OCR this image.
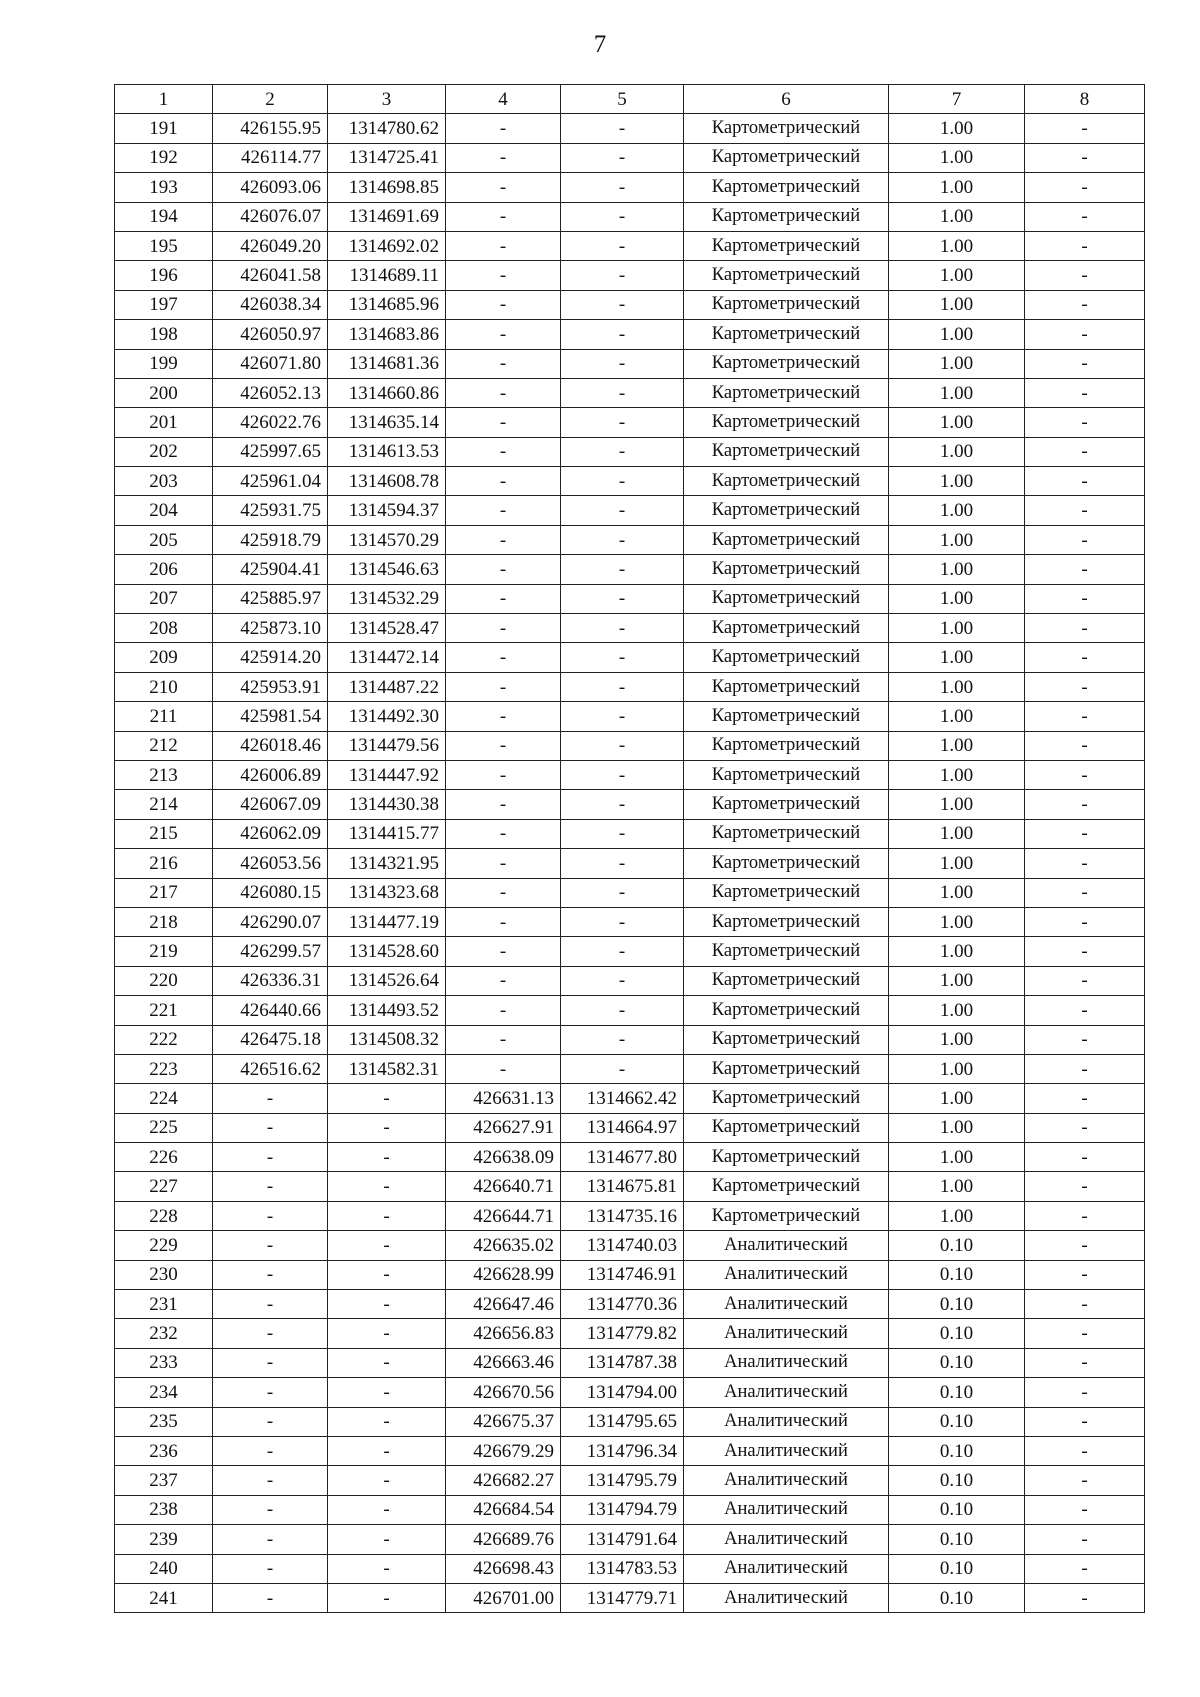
7
1	2	3	4	5	6	7	8
191	426155.95	1314780.62	-	-	Картометрический	1.00	-
192	426114.77	1314725.41	-	-	Картометрический	1.00	-
193	426093.06	1314698.85	-	-	Картометрический	1.00	-
194	426076.07	1314691.69	-	-	Картометрический	1.00	-
195	426049.20	1314692.02	-	-	Картометрический	1.00	-
196	426041.58	1314689.11	-	-	Картометрический	1.00	-
197	426038.34	1314685.96	-	-	Картометрический	1.00	-
198	426050.97	1314683.86	-	-	Картометрический	1.00	-
199	426071.80	1314681.36	-	-	Картометрический	1.00	-
200	426052.13	1314660.86	-	-	Картометрический	1.00	-
201	426022.76	1314635.14	-	-	Картометрический	1.00	-
202	425997.65	1314613.53	-	-	Картометрический	1.00	-
203	425961.04	1314608.78	-	-	Картометрический	1.00	-
204	425931.75	1314594.37	-	-	Картометрический	1.00	-
205	425918.79	1314570.29	-	-	Картометрический	1.00	-
206	425904.41	1314546.63	-	-	Картометрический	1.00	-
207	425885.97	1314532.29	-	-	Картометрический	1.00	-
208	425873.10	1314528.47	-	-	Картометрический	1.00	-
209	425914.20	1314472.14	-	-	Картометрический	1.00	-
210	425953.91	1314487.22	-	-	Картометрический	1.00	-
211	425981.54	1314492.30	-	-	Картометрический	1.00	-
212	426018.46	1314479.56	-	-	Картометрический	1.00	-
213	426006.89	1314447.92	-	-	Картометрический	1.00	-
214	426067.09	1314430.38	-	-	Картометрический	1.00	-
215	426062.09	1314415.77	-	-	Картометрический	1.00	-
216	426053.56	1314321.95	-	-	Картометрический	1.00	-
217	426080.15	1314323.68	-	-	Картометрический	1.00	-
218	426290.07	1314477.19	-	-	Картометрический	1.00	-
219	426299.57	1314528.60	-	-	Картометрический	1.00	-
220	426336.31	1314526.64	-	-	Картометрический	1.00	-
221	426440.66	1314493.52	-	-	Картометрический	1.00	-
222	426475.18	1314508.32	-	-	Картометрический	1.00	-
223	426516.62	1314582.31	-	-	Картометрический	1.00	-
224	-	-	426631.13	1314662.42	Картометрический	1.00	-
225	-	-	426627.91	1314664.97	Картометрический	1.00	-
226	-	-	426638.09	1314677.80	Картометрический	1.00	-
227	-	-	426640.71	1314675.81	Картометрический	1.00	-
228	-	-	426644.71	1314735.16	Картометрический	1.00	-
229	-	-	426635.02	1314740.03	Аналитический	0.10	-
230	-	-	426628.99	1314746.91	Аналитический	0.10	-
231	-	-	426647.46	1314770.36	Аналитический	0.10	-
232	-	-	426656.83	1314779.82	Аналитический	0.10	-
233	-	-	426663.46	1314787.38	Аналитический	0.10	-
234	-	-	426670.56	1314794.00	Аналитический	0.10	-
235	-	-	426675.37	1314795.65	Аналитический	0.10	-
236	-	-	426679.29	1314796.34	Аналитический	0.10	-
237	-	-	426682.27	1314795.79	Аналитический	0.10	-
238	-	-	426684.54	1314794.79	Аналитический	0.10	-
239	-	-	426689.76	1314791.64	Аналитический	0.10	-
240	-	-	426698.43	1314783.53	Аналитический	0.10	-
241	-	-	426701.00	1314779.71	Аналитический	0.10	-
